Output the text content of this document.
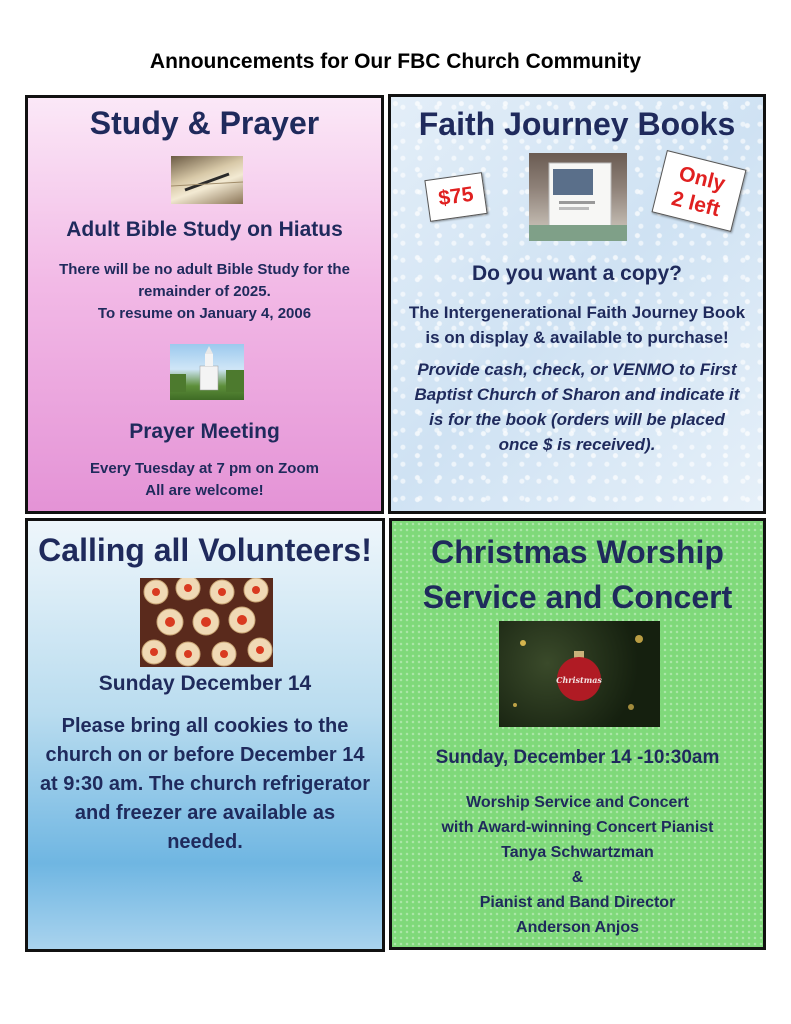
Announcements for Our FBC Church Community
Study & Prayer
Adult Bible Study on Hiatus
There will be no adult Bible Study for the
remainder of 2025.
To resume on January 4, 2006
Prayer Meeting
Every Tuesday at 7 pm on Zoom
All are welcome!
Faith Journey Books
$75
Only
2 left
Do you want a copy?
The Intergenerational Faith Journey Book
is on display & available to purchase!
Provide cash, check, or VENMO to First
Baptist Church of Sharon and indicate it
is for the book (orders will be placed
once $ is received).
Calling all Volunteers!
Sunday December 14
Please bring all cookies to the
church on or before December 14
at 9:30 am. The church refrigerator
and freezer are available as
needed.
Christmas Worship
Service and Concert
Christmas
Sunday, December 14 -10:30am
Worship Service and Concert
with Award-winning Concert Pianist
Tanya Schwartzman
&
Pianist and Band Director
Anderson Anjos
